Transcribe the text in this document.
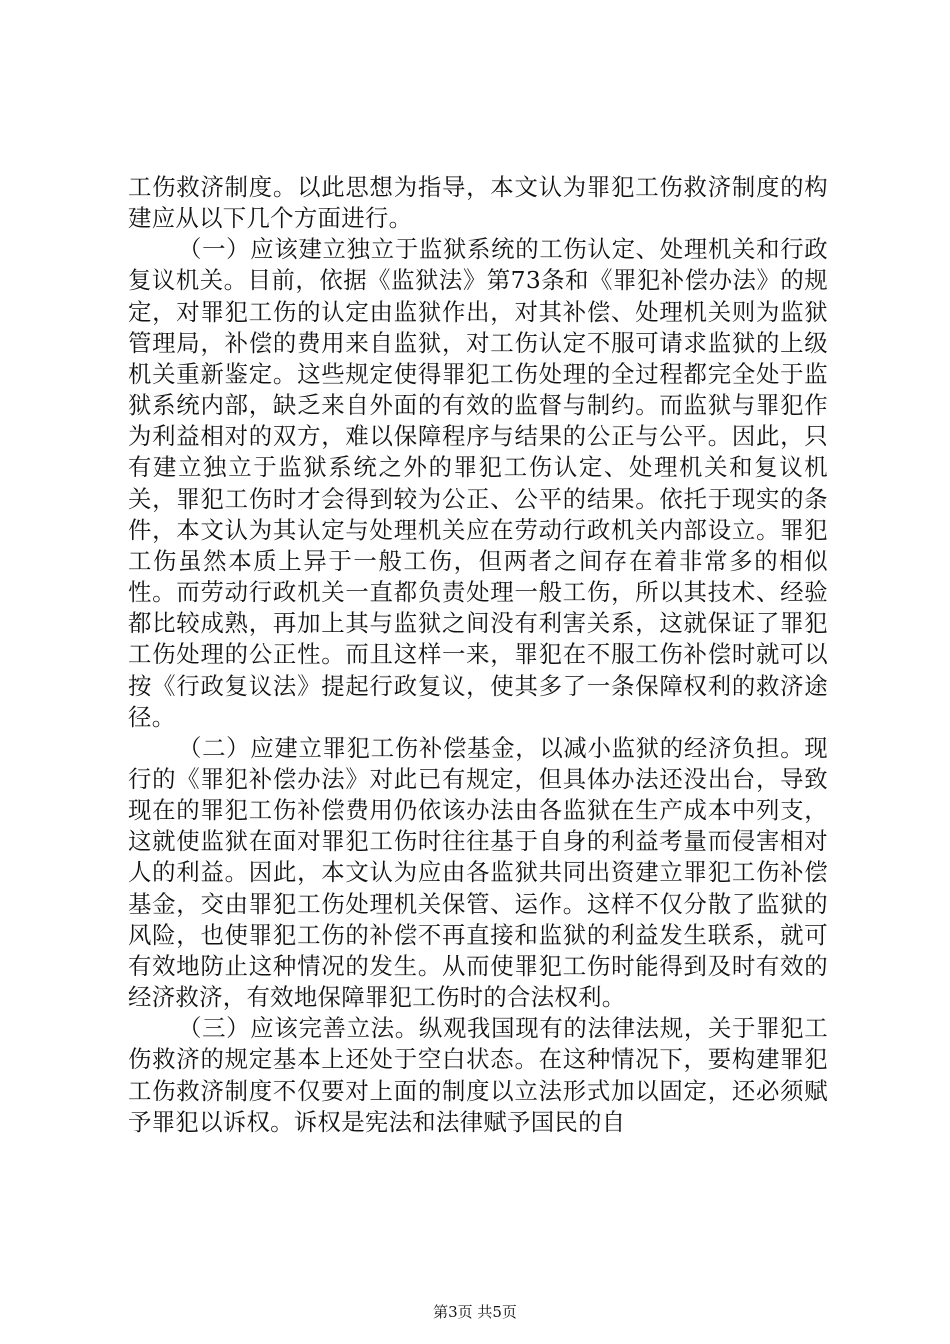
工伤救济制度。以此思想为指导，本文认为罪犯工伤救济制度的构建应从以下几个方面进行。

（一）应该建立独立于监狱系统的工伤认定、处理机关和行政复议机关。目前，依据《监狱法》第73条和《罪犯补偿办法》的规定，对罪犯工伤的认定由监狱作出，对其补偿、处理机关则为监狱管理局，补偿的费用来自监狱，对工伤认定不服可请求监狱的上级机关重新鉴定。这些规定使得罪犯工伤处理的全过程都完全处于监狱系统内部，缺乏来自外面的有效的监督与制约。而监狱与罪犯作为利益相对的双方，难以保障程序与结果的公正与公平。因此，只有建立独立于监狱系统之外的罪犯工伤认定、处理机关和复议机关，罪犯工伤时才会得到较为公正、公平的结果。依托于现实的条件，本文认为其认定与处理机关应在劳动行政机关内部设立。罪犯工伤虽然本质上异于一般工伤，但两者之间存在着非常多的相似性。而劳动行政机关一直都负责处理一般工伤，所以其技术、经验都比较成熟，再加上其与监狱之间没有利害关系，这就保证了罪犯工伤处理的公正性。而且这样一来，罪犯在不服工伤补偿时就可以按《行政复议法》提起行政复议，使其多了一条保障权利的救济途径。

（二）应建立罪犯工伤补偿基金，以减小监狱的经济负担。现行的《罪犯补偿办法》对此已有规定，但具体办法还没出台，导致现在的罪犯工伤补偿费用仍依该办法由各监狱在生产成本中列支，这就使监狱在面对罪犯工伤时往往基于自身的利益考量而侵害相对人的利益。因此，本文认为应由各监狱共同出资建立罪犯工伤补偿基金，交由罪犯工伤处理机关保管、运作。这样不仅分散了监狱的风险，也使罪犯工伤的补偿不再直接和监狱的利益发生联系，就可有效地防止这种情况的发生。从而使罪犯工伤时能得到及时有效的经济救济，有效地保障罪犯工伤时的合法权利。

（三）应该完善立法。纵观我国现有的法律法规，关于罪犯工伤救济的规定基本上还处于空白状态。在这种情况下，要构建罪犯工伤救济制度不仅要对上面的制度以立法形式加以固定，还必须赋予罪犯以诉权。诉权是宪法和法律赋予国民的自

第3页 共5页
